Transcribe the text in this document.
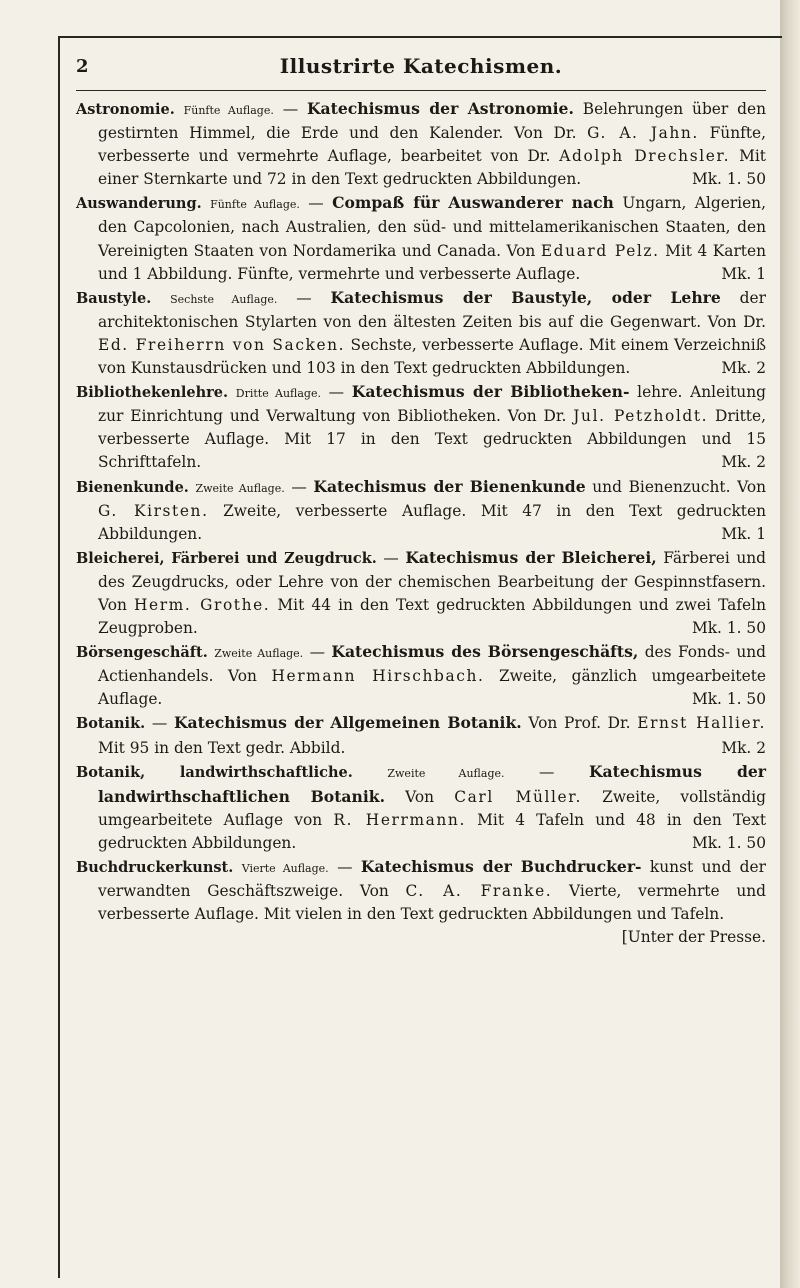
2	Illustrirte Katechismen.

Astronomie. Fünfte Auflage. — Katechismus der Astronomie. Belehrungen über den gestirnten Himmel, die Erde und den Kalender. Von Dr. G. A. Jahn. Fünfte, verbesserte und vermehrte Auflage, bearbeitet von Dr. Adolph Drechsler. Mit einer Sternkarte und 72 in den Text gedruckten Abbildungen.	Mk. 1. 50

Auswanderung. Fünfte Auflage. — Compaß für Auswanderer nach Ungarn, Algerien, den Capcolonien, nach Australien, den süd- und mittelamerikanischen Staaten, den Vereinigten Staaten von Nordamerika und Canada. Von Eduard Pelz. Mit 4 Karten und 1 Abbildung. Fünfte, vermehrte und verbesserte Auflage.	Mk. 1

Baustyle. Sechste Auflage. — Katechismus der Baustyle, oder Lehre der architektonischen Stylarten von den ältesten Zeiten bis auf die Gegenwart. Von Dr. Ed. Freiherrn von Sacken. Sechste, verbesserte Auflage. Mit einem Verzeichniß von Kunstausdrücken und 103 in den Text gedruckten Abbildungen.	Mk. 2

Bibliothekenlehre. Dritte Auflage. — Katechismus der Bibliotheken- lehre. Anleitung zur Einrichtung und Verwaltung von Bibliotheken. Von Dr. Jul. Petzholdt. Dritte, verbesserte Auflage. Mit 17 in den Text gedruckten Abbildungen und 15 Schrifttafeln.	Mk. 2

Bienenkunde. Zweite Auflage. — Katechismus der Bienenkunde und Bienenzucht. Von G. Kirsten. Zweite, verbesserte Auflage. Mit 47 in den Text gedruckten Abbildungen.	Mk. 1

Bleicherei, Färberei und Zeugdruck. — Katechismus der Bleicherei, Färberei und des Zeugdrucks, oder Lehre von der chemischen Bearbeitung der Gespinnstfasern. Von Herm. Grothe. Mit 44 in den Text gedruckten Abbildungen und zwei Tafeln Zeugproben.	Mk. 1. 50

Börsengeschäft. Zweite Auflage. — Katechismus des Börsengeschäfts, des Fonds- und Actienhandels. Von Hermann Hirschbach. Zweite, gänzlich umgearbeitete Auflage.	Mk. 1. 50

Botanik. — Katechismus der Allgemeinen Botanik. Von Prof. Dr. Ernst Hallier. Mit 95 in den Text gedr. Abbild.	Mk. 2

Botanik, landwirthschaftliche.	Zweite Auflage. — Katechismus der landwirthschaftlichen Botanik. Von Carl Müller. Zweite, vollständig umgearbeitete Auflage von R. Herrmann. Mit 4 Tafeln und 48 in den Text gedruckten Abbildungen.	Mk. 1. 50

Buchdruckerkunst. Vierte Auflage. — Katechismus der Buchdrucker- kunst und der verwandten Geschäftszweige. Von C. A. Franke. Vierte, vermehrte und verbesserte Auflage. Mit vielen in den Text gedruckten Abbildungen und Tafeln.
[Unter der Presse.
